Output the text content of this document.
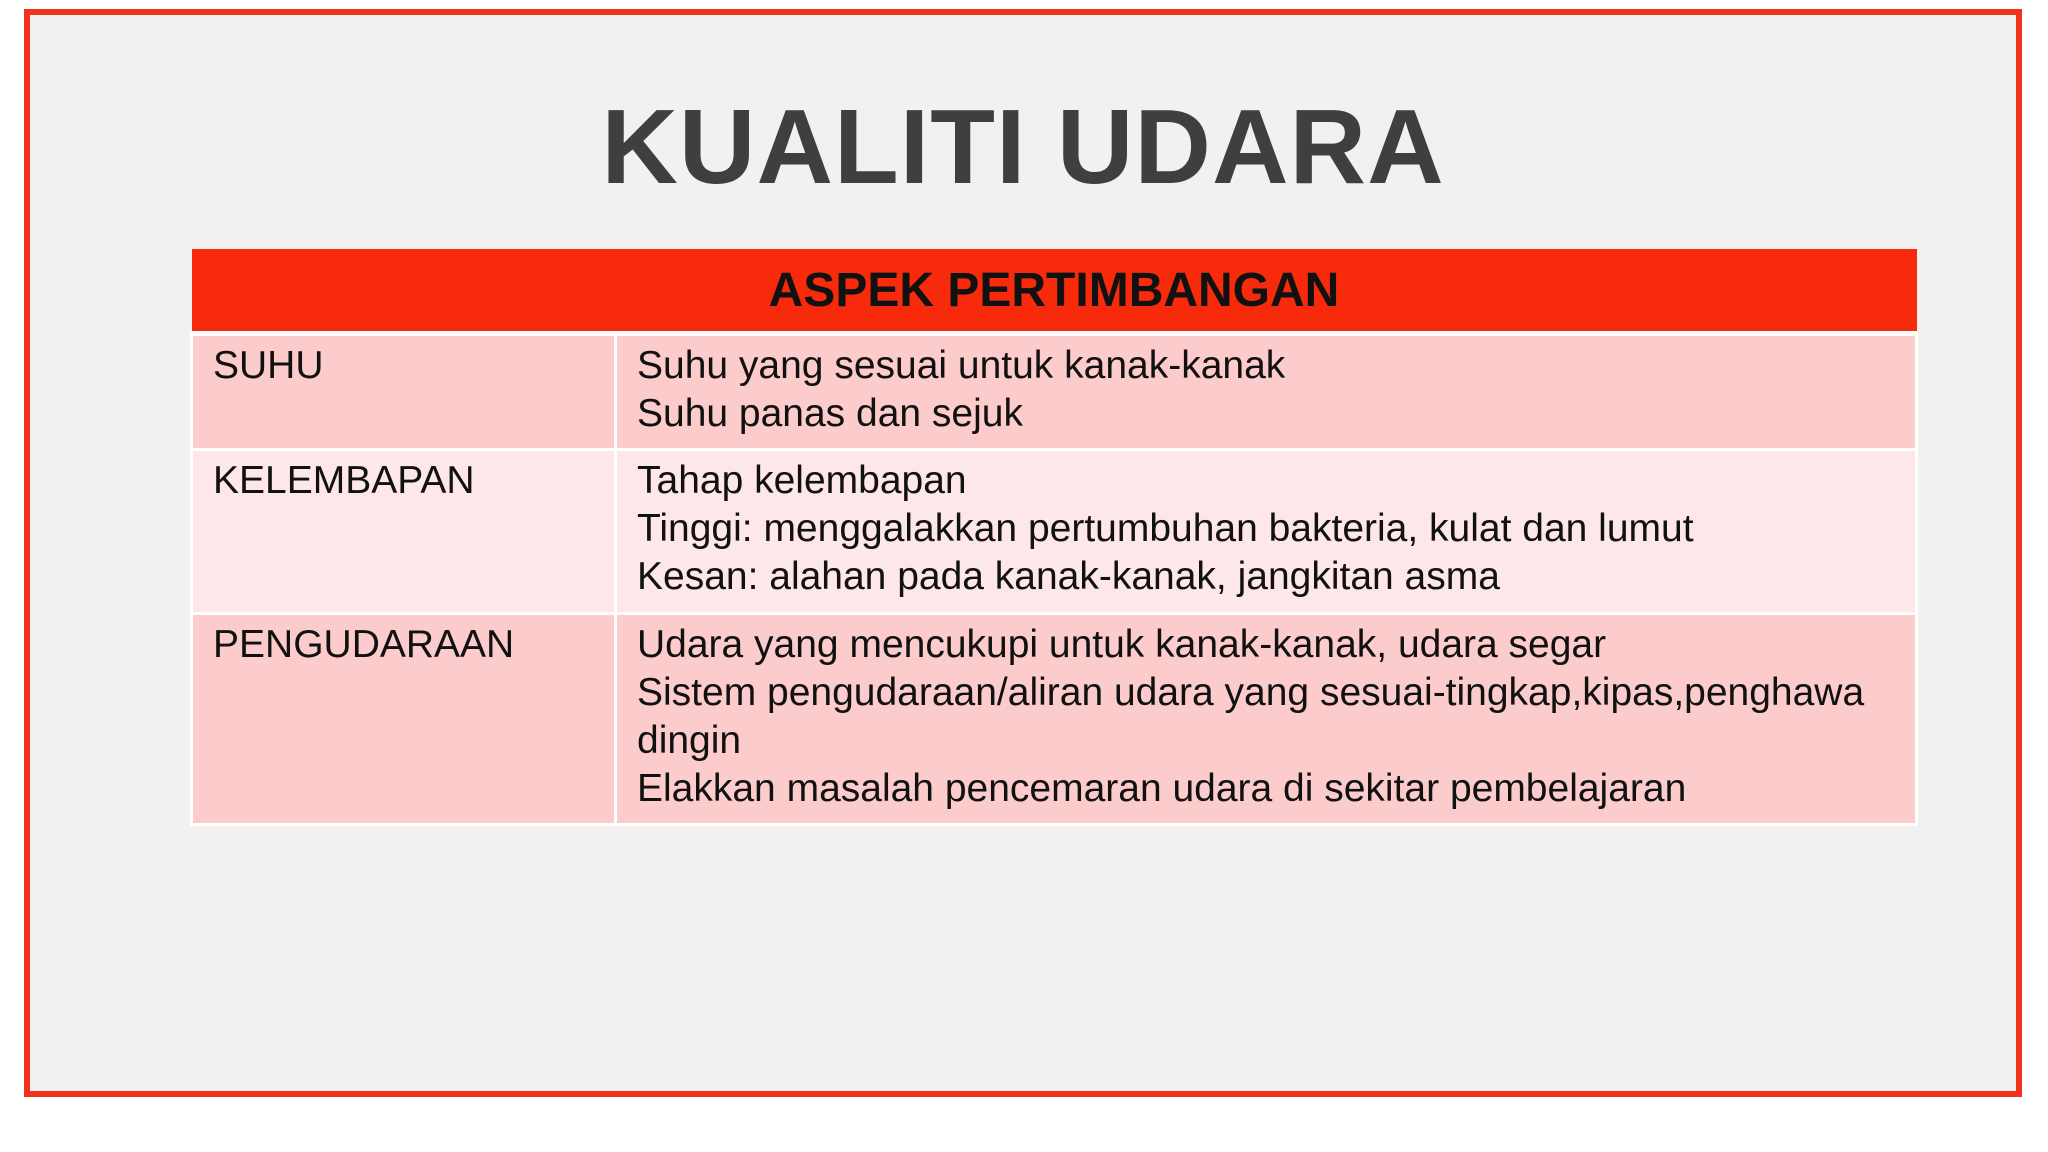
KUALITI UDARA
ASPEK PERTIMBANGAN	
SUHU	Suhu yang sesuai untuk kanak-kanak
Suhu panas dan sejuk

KELEMBAPAN	Tahap kelembapan
Tinggi: menggalakkan pertumbuhan bakteria, kulat dan lumut
Kesan: alahan pada kanak-kanak, jangkitan asma

PENGUDARAAN	Udara yang mencukupi untuk kanak-kanak, udara segar
Sistem pengudaraan/aliran udara yang sesuai-tingkap,kipas,penghawa dingin
Elakkan masalah pencemaran udara di sekitar pembelajaran
